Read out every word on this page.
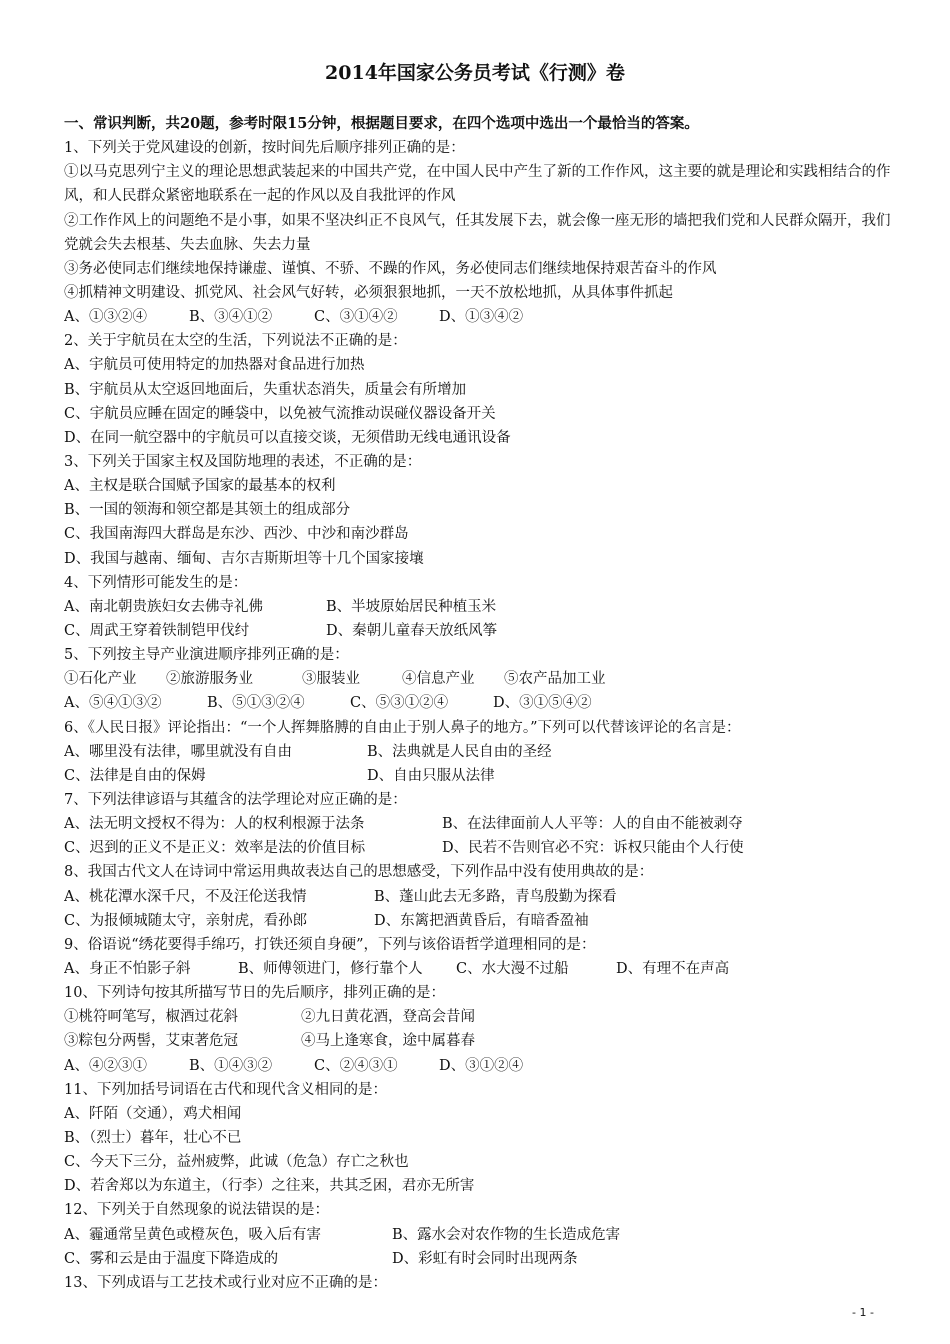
2014年国家公务员考试《行测》卷
一、常识判断，共20题，参考时限15分钟，根据题目要求，在四个选项中选出一个最恰当的答案。
1、下列关于党风建设的创新，按时间先后顺序排列正确的是：
①以马克思列宁主义的理论思想武装起来的中国共产党，在中国人民中产生了新的工作作风，这主要的就是理论和实践相结合的作风，和人民群众紧密地联系在一起的作风以及自我批评的作风
②工作作风上的问题绝不是小事，如果不坚决纠正不良风气，任其发展下去，就会像一座无形的墙把我们党和人民群众隔开，我们党就会失去根基、失去血脉、失去力量
③务必使同志们继续地保持谦虚、谨慎、不骄、不躁的作风，务必使同志们继续地保持艰苦奋斗的作风
④抓精神文明建设、抓党风、社会风气好转，必须狠狠地抓，一天不放松地抓，从具体事件抓起
A、①③②④	B、③④①②	C、③①④②	D、①③④②
2、关于宇航员在太空的生活，下列说法不正确的是：
A、宇航员可使用特定的加热器对食品进行加热
B、宇航员从太空返回地面后，失重状态消失，质量会有所增加
C、宇航员应睡在固定的睡袋中，以免被气流推动误碰仪器设备开关
D、在同一航空器中的宇航员可以直接交谈，无须借助无线电通讯设备
3、下列关于国家主权及国防地理的表述，不正确的是：
A、主权是联合国赋予国家的最基本的权利
B、一国的领海和领空都是其领土的组成部分
C、我国南海四大群岛是东沙、西沙、中沙和南沙群岛
D、我国与越南、缅甸、吉尔吉斯斯坦等十几个国家接壤
4、下列情形可能发生的是：
A、南北朝贵族妇女去佛寺礼佛	B、半坡原始居民种植玉米
C、周武王穿着铁制铠甲伐纣	D、秦朝儿童春天放纸风筝
5、下列按主导产业演进顺序排列正确的是：
①石化产业	②旅游服务业	③服装业	④信息产业	⑤农产品加工业
A、⑤④①③②	B、⑤①③②④	C、⑤③①②④	D、③①⑤④②
6、《人民日报》评论指出：“一个人挥舞胳膊的自由止于别人鼻子的地方。”下列可以代替该评论的名言是：
A、哪里没有法律，哪里就没有自由	B、法典就是人民自由的圣经
C、法律是自由的保姆	D、自由只服从法律
7、下列法律谚语与其蕴含的法学理论对应正确的是：
A、法无明文授权不得为：人的权利根源于法条	B、在法律面前人人平等：人的自由不能被剥夺
C、迟到的正义不是正义：效率是法的价值目标	D、民若不告则官必不究：诉权只能由个人行使
8、我国古代文人在诗词中常运用典故表达自己的思想感受，下列作品中没有使用典故的是：
A、桃花潭水深千尺，不及汪伦送我情	B、蓬山此去无多路，青鸟殷勤为探看
C、为报倾城随太守，亲射虎，看孙郎	D、东篱把酒黄昏后，有暗香盈袖
9、俗语说“绣花要得手绵巧，打铁还须自身硬”，下列与该俗语哲学道理相同的是：
A、身正不怕影子斜	B、师傅领进门，修行靠个人	C、水大漫不过船	D、有理不在声高
10、下列诗句按其所描写节日的先后顺序，排列正确的是：
①桃符呵笔写，椒酒过花斜	②九日黄花酒，登高会昔闻
③粽包分两髻，艾束著危冠	④马上逢寒食，途中属暮春
A、④②③①	B、①④③②	C、②④③①	D、③①②④
11、下列加括号词语在古代和现代含义相同的是：
A、阡陌（交通），鸡犬相闻
B、（烈士）暮年，壮心不已
C、今天下三分，益州疲弊，此诚（危急）存亡之秋也
D、若舍郑以为东道主，（行李）之往来，共其乏困，君亦无所害
12、下列关于自然现象的说法错误的是：
A、霾通常呈黄色或橙灰色，吸入后有害	B、露水会对农作物的生长造成危害
C、雾和云是由于温度下降造成的	D、彩虹有时会同时出现两条
13、下列成语与工艺技术或行业对应不正确的是：
- 1 -
